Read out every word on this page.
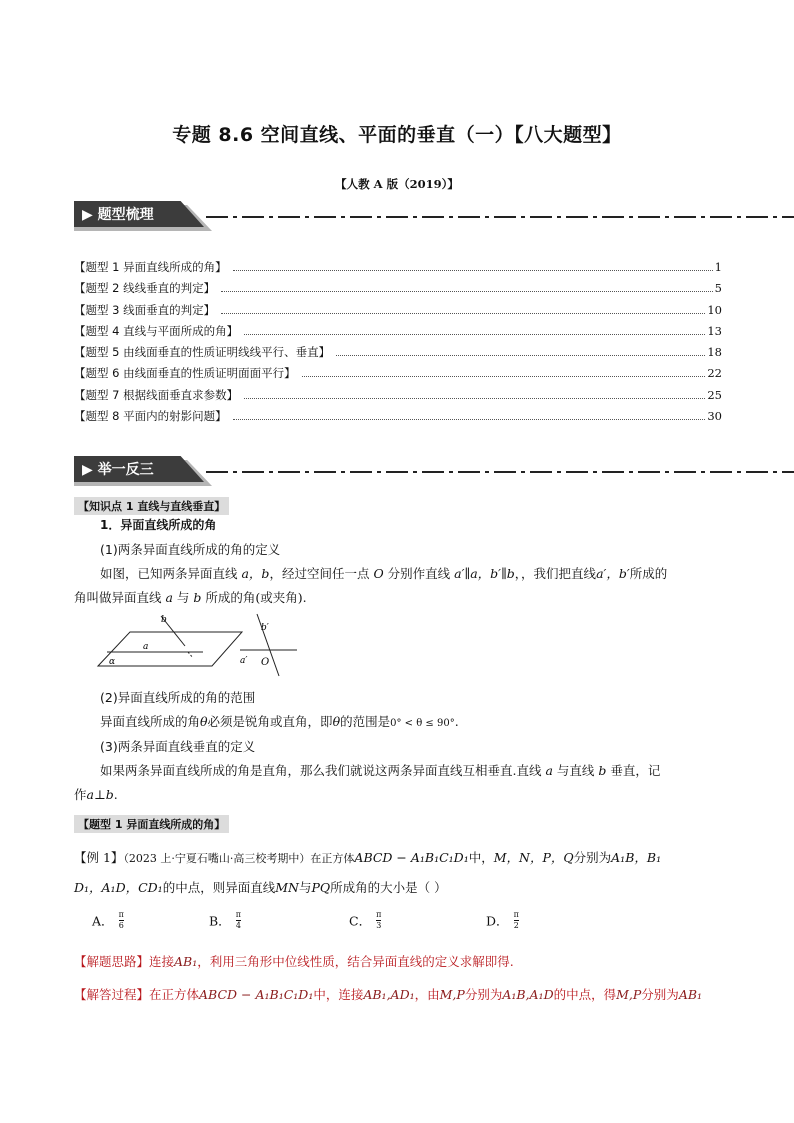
专题 8.6 空间直线、平面的垂直（一）【八大题型】
【人教 A 版（2019）】
▶ 题型梳理
【题型 1 异面直线所成的角】	1
【题型 2 线线垂直的判定】	5
【题型 3 线面垂直的判定】	10
【题型 4 直线与平面所成的角】	13
【题型 5 由线面垂直的性质证明线线平行、垂直】	18
【题型 6 由线面垂直的性质证明面面平行】	22
【题型 7 根据线面垂直求参数】	25
【题型 8 平面内的射影问题】	30
▶ 举一反三
【知识点 1 直线与直线垂直】
1．异面直线所成的角
(1)两条异面直线所成的角的定义
如图，已知两条异面直线 a，b，经过空间任一点 O 分别作直线 a′∥a，b′∥b，，我们把直线a′，b′所成的
角叫做异面直线 a 与 b 所成的角(或夹角).
b
a
α
b′
a′ O
(2)异面直线所成的角的范围
异面直线所成的角θ必须是锐角或直角，即θ的范围是0° < θ ≤ 90°.
(3)两条异面直线垂直的定义
如果两条异面直线所成的角是直角，那么我们就说这两条异面直线互相垂直.直线 a 与直线 b 垂直，记
作a⊥b.
【题型 1 异面直线所成的角】
【例 1】（2023 上·宁夏石嘴山·高三校考期中）在正方体ABCD − A₁B₁C₁D₁中，M，N，P，Q分别为A₁B，B₁
D₁，A₁D，CD₁的中点，则异面直线MN与PQ所成角的大小是（ ）
A． $\frac{\pi}{6}$	B． $\frac{\pi}{4}$	C． $\frac{\pi}{3}$	D． $\frac{\pi}{2}$
【解题思路】连接AB₁，利用三角形中位线性质，结合异面直线的定义求解即得.
【解答过程】在正方体ABCD − A₁B₁C₁D₁中，连接AB₁,AD₁，由M,P分别为A₁B,A₁D的中点，得M,P分别为AB₁
